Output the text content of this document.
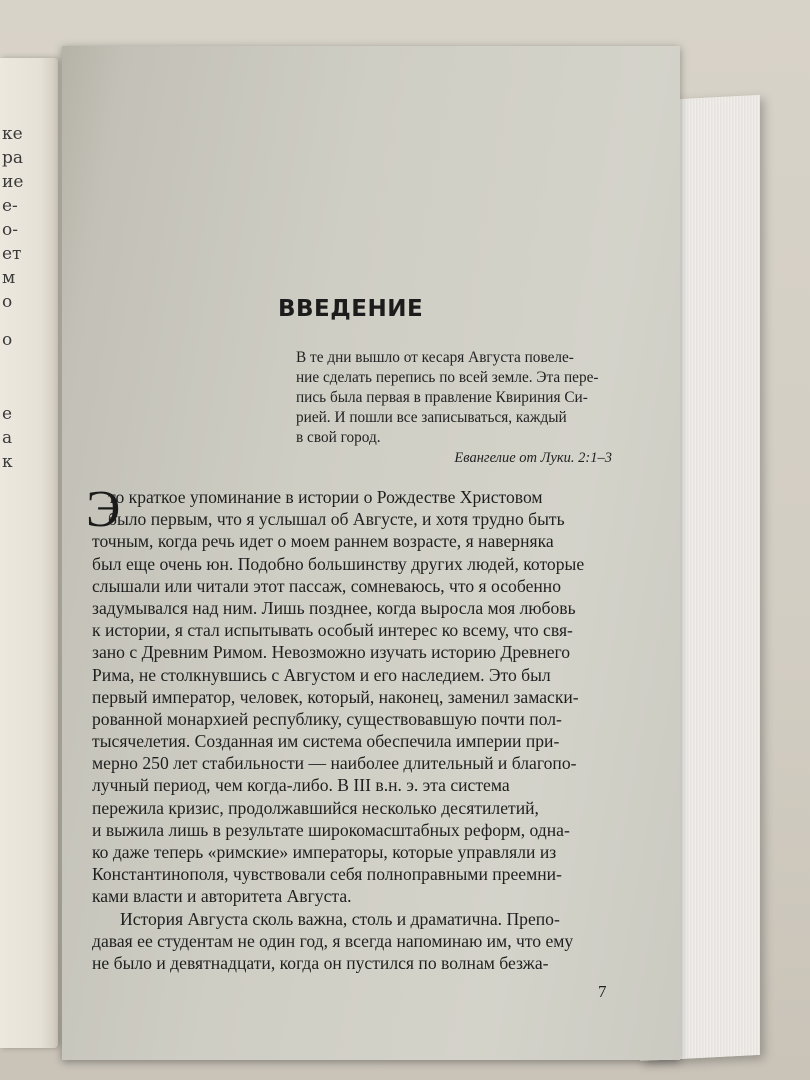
ке
ра
ие
е-
о-
ет
м
о
о
е
а
к
ВВЕДЕНИЕ
В те дни вышло от кесаря Августа повеле-
ние сделать перепись по всей земле. Эта пере-
пись была первая в правление Квириния Си-
рией. И пошли все записываться, каждый
в свой город.
Евангелие от Луки. 2:1–3
Э
то краткое упоминание в истории о Рождестве Христовом
было первым, что я услышал об Августе, и хотя трудно быть
точным, когда речь идет о моем раннем возрасте, я наверняка
был еще очень юн. Подобно большинству других людей, которые
слышали или читали этот пассаж, сомневаюсь, что я особенно
задумывался над ним. Лишь позднее, когда выросла моя любовь
к истории, я стал испытывать особый интерес ко всему, что свя-
зано с Древним Римом. Невозможно изучать историю Древнего
Рима, не столкнувшись с Августом и его наследием. Это был
первый император, человек, который, наконец, заменил замаски-
рованной монархией республику, существовавшую почти пол-
тысячелетия. Созданная им система обеспечила империи при-
мерно 250 лет стабильности — наиболее длительный и благопо-
лучный период, чем когда-либо. В III в.н. э. эта система
пережила кризис, продолжавшийся несколько десятилетий,
и выжила лишь в результате широкомасштабных реформ, одна-
ко даже теперь «римские» императоры, которые управляли из
Константинополя, чувствовали себя полноправными преемни-
ками власти и авторитета Августа.
История Августа сколь важна, столь и драматична. Препо-
давая ее студентам не один год, я всегда напоминаю им, что ему
не было и девятнадцати, когда он пустился по волнам безжа-
7
